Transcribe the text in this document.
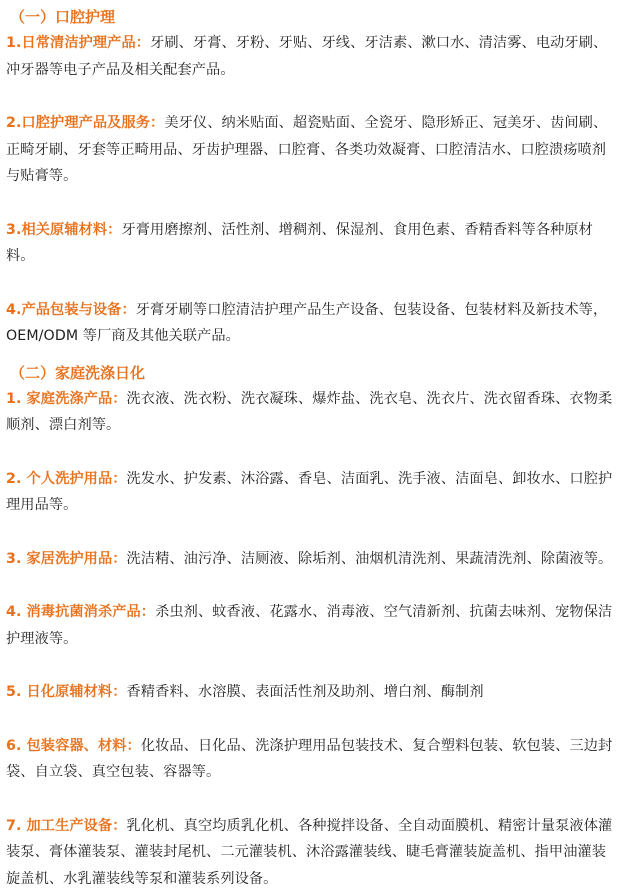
（一）口腔护理
1.日常清洁护理产品：牙刷、牙膏、牙粉、牙贴、牙线、牙洁素、漱口水、清洁雾、电动牙刷、冲牙器等电子产品及相关配套产品。
2.口腔护理产品及服务：美牙仪、纳米贴面、超瓷贴面、全瓷牙、隐形矫正、冠美牙、齿间刷、正畸牙刷、牙套等正畸用品、牙齿护理器、口腔膏、各类功效凝膏、口腔清洁水、口腔溃疡喷剂与贴膏等。
3.相关原辅材料：牙膏用磨擦剂、活性剂、增稠剂、保湿剂、食用色素、香精香料等各种原材料。
4.产品包装与设备：牙膏牙刷等口腔清洁护理产品生产设备、包装设备、包装材料及新技术等，OEM/ODM 等厂商及其他关联产品。
（二）家庭洗涤日化
1. 家庭洗涤产品：洗衣液、洗衣粉、洗衣凝珠、爆炸盐、洗衣皂、洗衣片、洗衣留香珠、衣物柔顺剂、漂白剂等。
2. 个人洗护用品：洗发水、护发素、沐浴露、香皂、洁面乳、洗手液、洁面皂、卸妆水、口腔护理用品等。
3. 家居洗护用品：洗洁精、油污净、洁厕液、除垢剂、油烟机清洗剂、果蔬清洗剂、除菌液等。
4. 消毒抗菌消杀产品：杀虫剂、蚊香液、花露水、消毒液、空气清新剂、抗菌去味剂、宠物保洁护理液等。
5. 日化原辅材料：香精香料、水溶膜、表面活性剂及助剂、增白剂、酶制剂
6. 包装容器、材料：化妆品、日化品、洗涤护理用品包装技术、复合塑料包装、软包装、三边封袋、自立袋、真空包装、容器等。
7. 加工生产设备：乳化机、真空均质乳化机、各种搅拌设备、全自动面膜机、精密计量泵液体灌装泵、膏体灌装泵、灌装封尾机、二元灌装机、沐浴露灌装线、睫毛膏灌装旋盖机、指甲油灌装旋盖机、水乳灌装线等泵和灌装系列设备。
